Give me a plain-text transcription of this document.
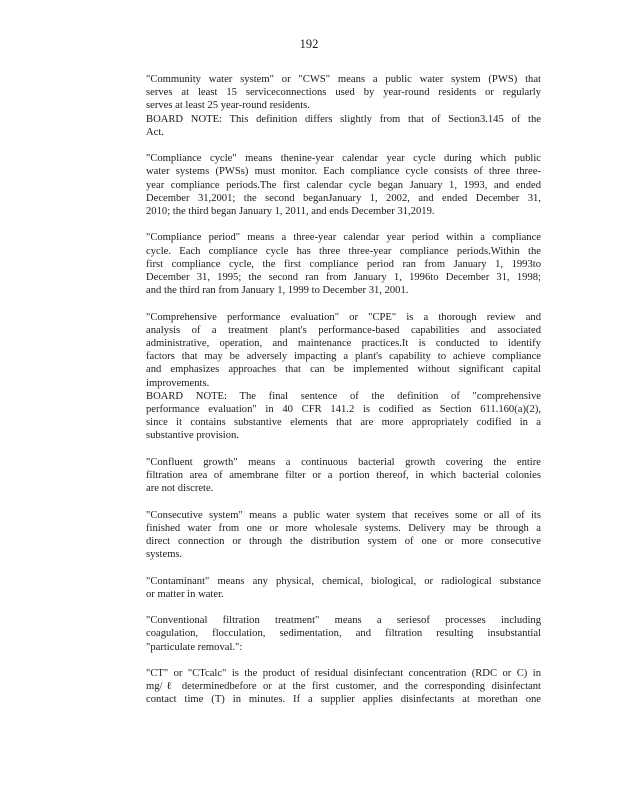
192

"Community water system" or "CWS" means a public water system (PWS) that
serves at least 15 serviceconnections used by year-round residents or regularly
serves at least 25 year-round residents.
BOARD NOTE: This definition differs slightly from that of Section3.145 of the
Act.

"Compliance cycle" means thenine-year calendar year cycle during which public
water systems (PWSs) must monitor. Each compliance cycle consists of three three-
year compliance periods.The first calendar cycle began January 1, 1993, and ended
December 31,2001; the second beganJanuary 1, 2002, and ended December 31,
2010; the third began January 1, 2011, and ends December 31,2019.

"Compliance period" means a three-year calendar year period within a compliance
cycle. Each compliance cycle has three three-year compliance periods.Within the
first compliance cycle, the first compliance period ran from January 1, 1993to
December 31, 1995; the second ran from January 1, 1996to December 31, 1998;
and the third ran from January 1, 1999 to December 31, 2001.

"Comprehensive performance evaluation" or "CPE" is a thorough review and
analysis of a treatment plant's performance-based capabilities and associated
administrative, operation, and maintenance practices.It is conducted to identify
factors that may be adversely impacting a plant's capability to achieve compliance
and emphasizes approaches that can be implemented without significant capital
improvements.
BOARD NOTE: The final sentence of the definition of "comprehensive
performance evaluation" in 40 CFR 141.2 is codified as Section 611.160(a)(2),
since it contains substantive elements that are more appropriately codified in a
substantive provision.

"Confluent growth" means a continuous bacterial growth covering the entire
filtration area of amembrane filter or a portion thereof, in which bacterial colonies
are not discrete.

"Consecutive system" means a public water system that receives some or all of its
finished water from one or more wholesale systems. Delivery may be through a
direct connection or through the distribution system of one or more consecutive
systems.

"Contaminant" means any physical, chemical, biological, or radiological substance
or matter in water.

"Conventional filtration treatment" means a seriesof processes including
coagulation, flocculation, sedimentation, and filtration resulting insubstantial
"particulate removal.":

"CT" or "CTcalc" is the product of residual disinfectant concentration (RDC or C) in
mg/ℓ determinedbefore or at the first customer, and the corresponding disinfectant
contact time (T) in minutes. If a supplier applies disinfectants at morethan one
